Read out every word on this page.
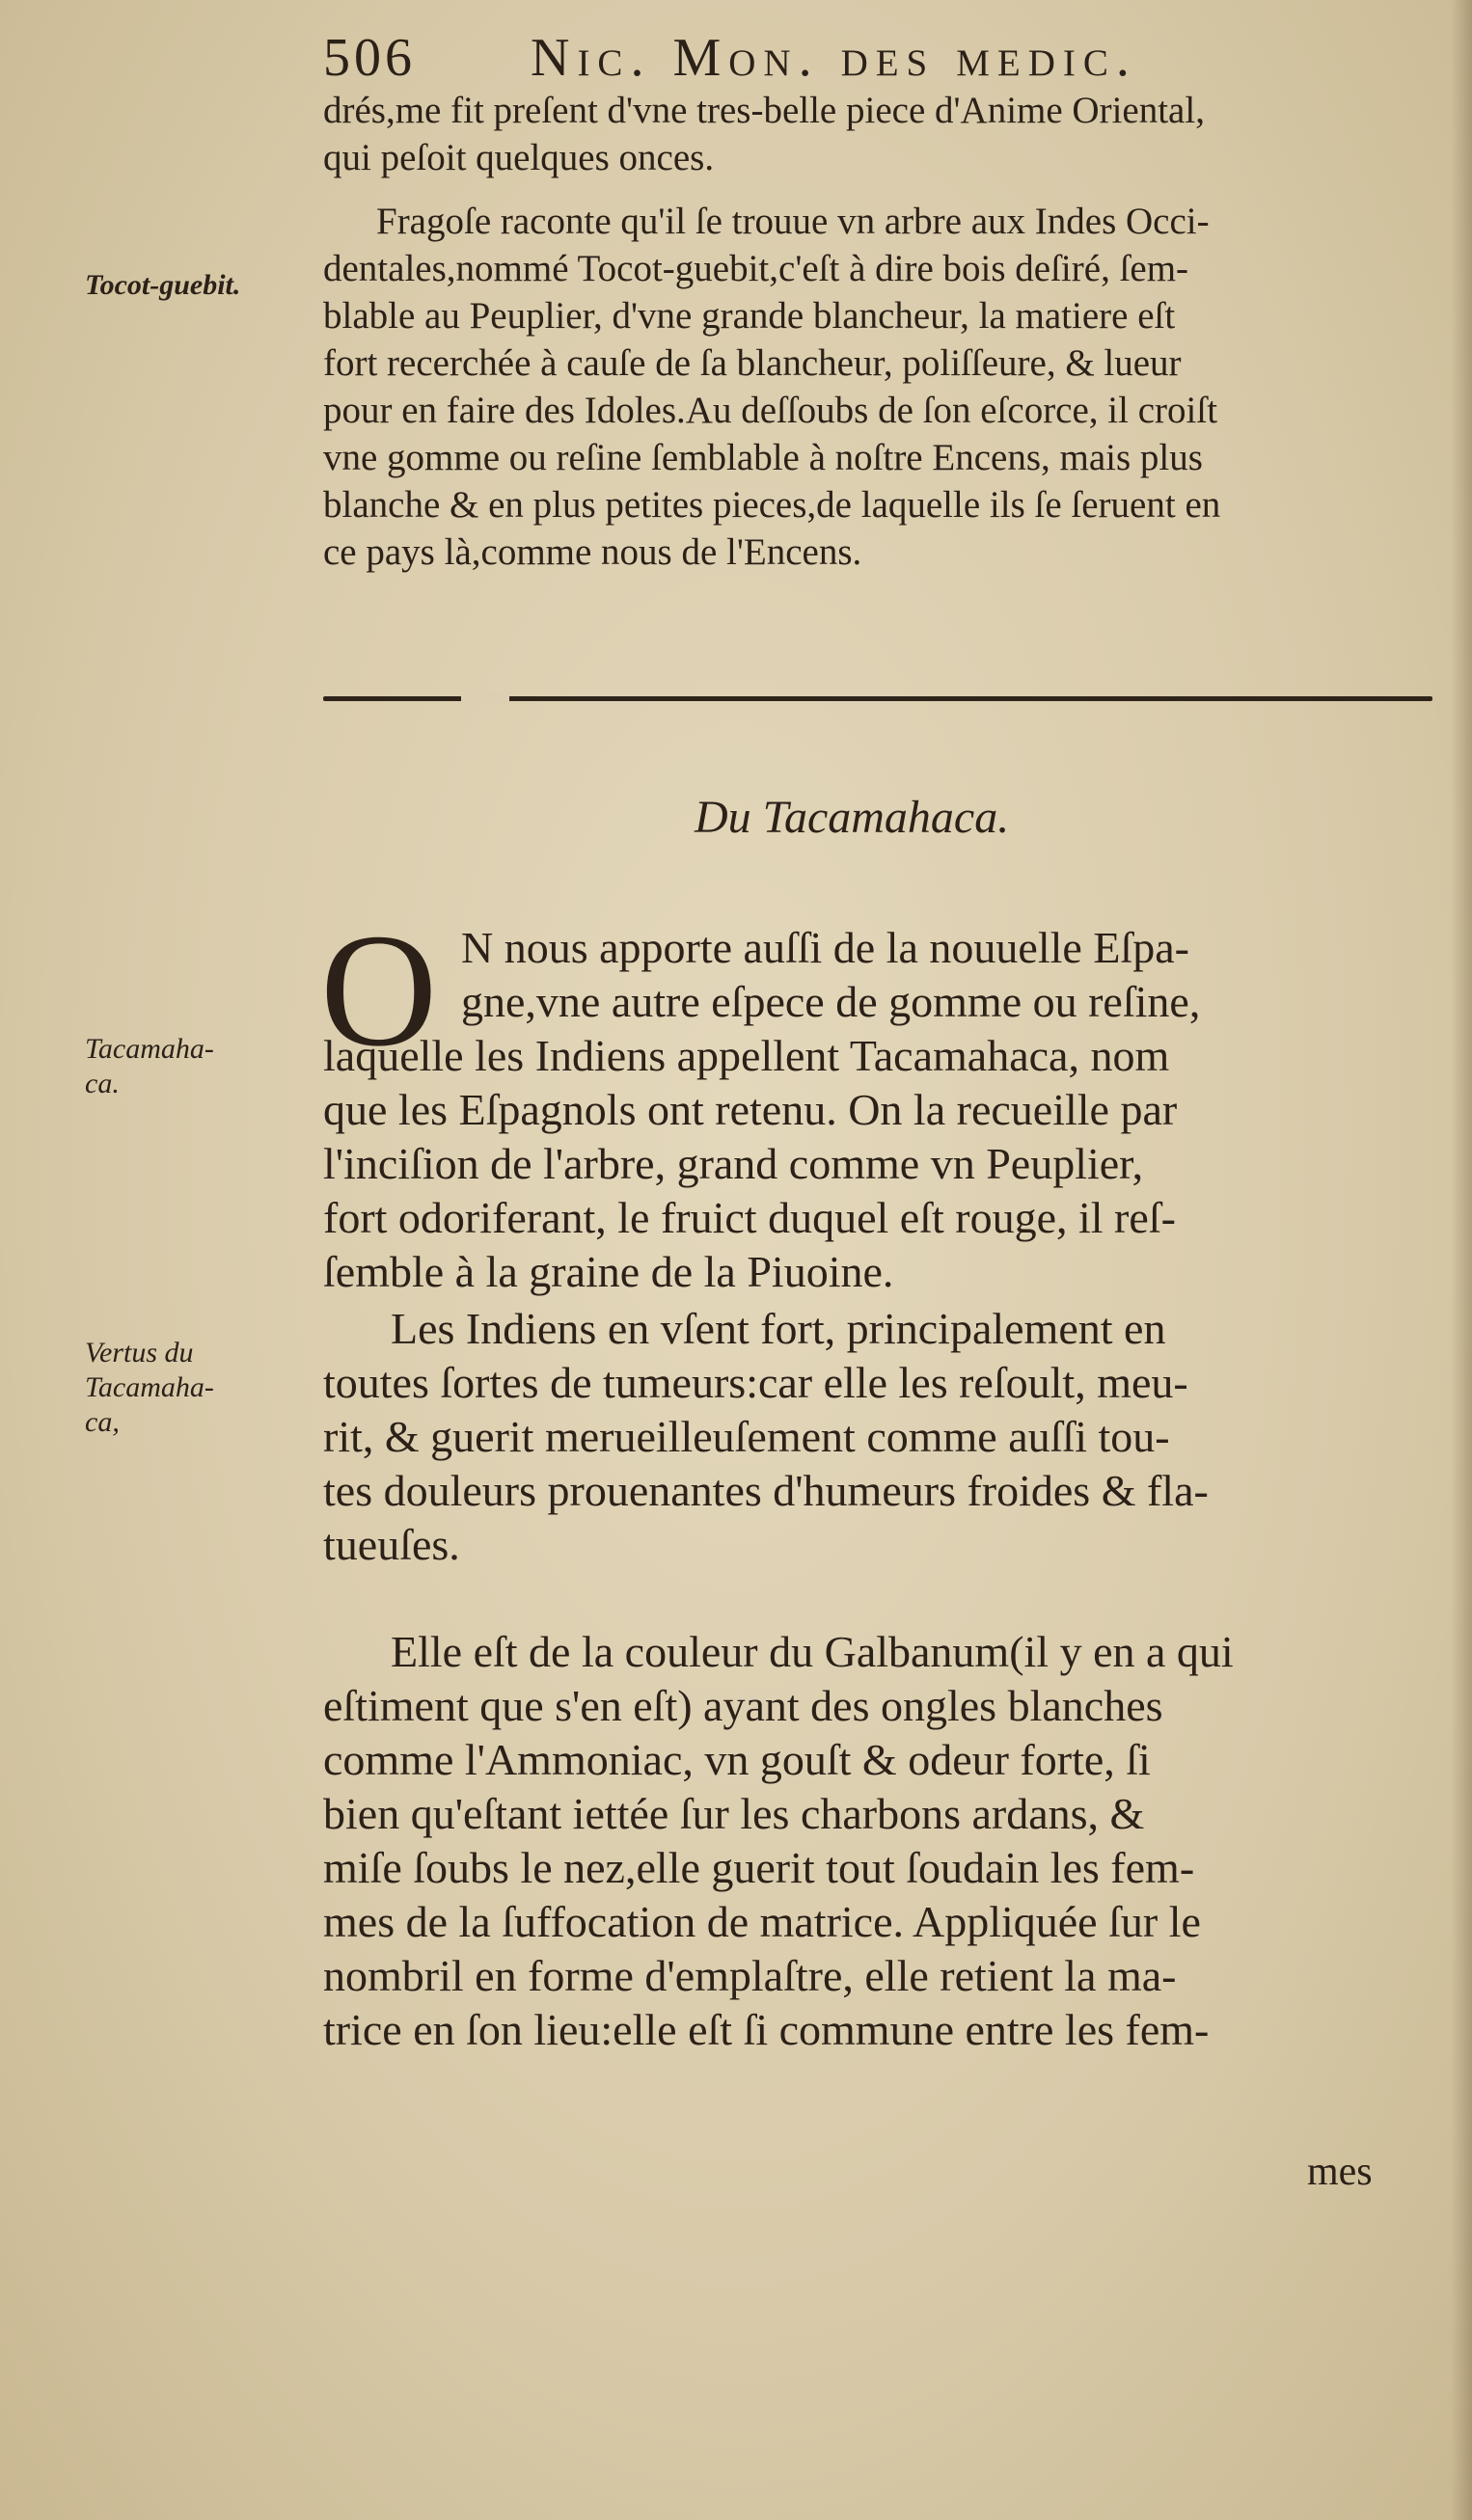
506 Nic. Mon. des medic.
drés,me fit preſent d'vne tres-belle piece d'Anime Oriental,
qui peſoit quelques onces.
Fragoſe raconte qu'il ſe trouue vn arbre aux Indes Occi-
dentales,nommé Tocot-guebit,c'eſt à dire bois deſiré, ſem-
blable au Peuplier, d'vne grande blancheur, la matiere eſt
fort recerchée à cauſe de ſa blancheur, poliſſeure, & lueur
pour en faire des Idoles.Au deſſoubs de ſon eſcorce, il croiſt
vne gomme ou reſine ſemblable à noſtre Encens, mais plus
blanche & en plus petites pieces,de laquelle ils ſe ſeruent en
ce pays là,comme nous de l'Encens.
Tocot-guebit.
Du Tacamahaca.
O N nous apporte auſſi de la nouuelle Eſpa-
gne,vne autre eſpece de gomme ou reſine,
laquelle les Indiens appellent Tacamahaca, nom
que les Eſpagnols ont retenu. On la recueille par
l'inciſion de l'arbre, grand comme vn Peuplier,
fort odoriferant, le fruict duquel eſt rouge, il reſ-
ſemble à la graine de la Piuoine.
Tacamaha-
ca.
Les Indiens en vſent fort, principalement en
toutes ſortes de tumeurs:car elle les reſoult, meu-
rit, & guerit merueilleuſement comme auſſi tou-
tes douleurs prouenantes d'humeurs froides & fla-
tueuſes.
Vertus du
Tacamaha-
ca,
Elle eſt de la couleur du Galbanum(il y en a qui
eſtiment que s'en eſt) ayant des ongles blanches
comme l'Ammoniac, vn gouſt & odeur forte, ſi
bien qu'eſtant iettée ſur les charbons ardans, &
miſe ſoubs le nez,elle guerit tout ſoudain les fem-
mes de la ſuffocation de matrice. Appliquée ſur le
nombril en forme d'emplaſtre, elle retient la ma-
trice en ſon lieu:elle eſt ſi commune entre les fem-
mes
